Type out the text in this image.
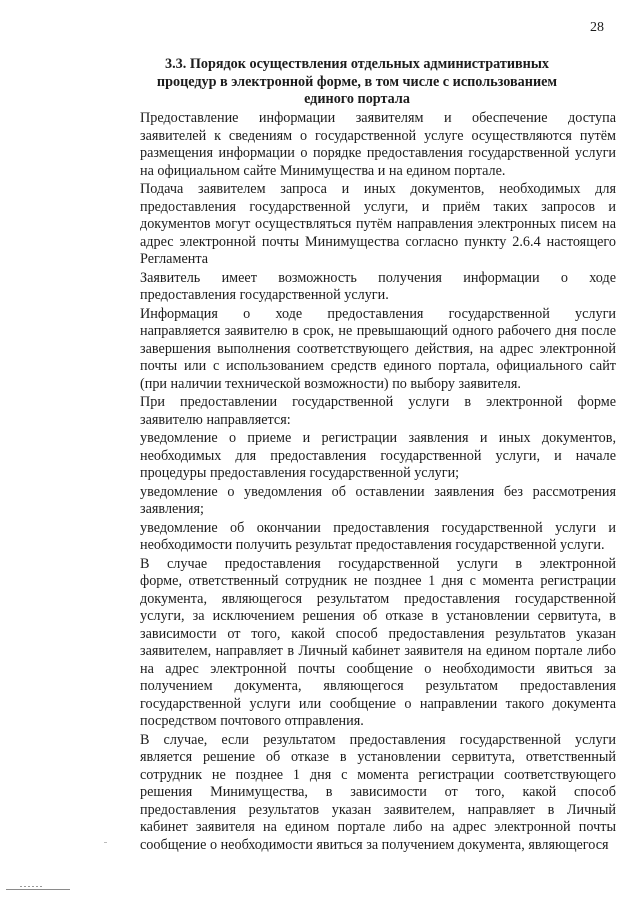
28
3.3. Порядок осуществления отдельных административных
процедур в электронной форме, в том числе с использованием
единого портала
Предоставление информации заявителям и обеспечение доступа
заявителей к сведениям о государственной услуге осуществляются путём
размещения информации о порядке предоставления государственной услуги
на официальном сайте Минимущества и на едином портале.
Подача заявителем запроса и иных документов, необходимых для
предоставления государственной услуги, и приём таких запросов и
документов могут осуществляться путём направления электронных писем на
адрес электронной почты Минимущества согласно пункту 2.6.4 настоящего
Регламента
Заявитель имеет возможность получения информации о ходе
предоставления государственной услуги.
Информация о ходе предоставления государственной услуги
направляется заявителю в срок, не превышающий одного рабочего дня после
завершения выполнения соответствующего действия, на адрес электронной
почты или с использованием средств единого портала, официального сайт
(при наличии технической возможности) по выбору заявителя.
При предоставлении государственной услуги в электронной форме
заявителю направляется:
уведомление о приеме и регистрации заявления и иных документов,
необходимых для предоставления государственной услуги, и начале
процедуры предоставления государственной услуги;
уведомление о уведомления об оставлении заявления без рассмотрения
заявления;
уведомление об окончании предоставления государственной услуги и
необходимости получить результат предоставления государственной услуги.
В случае предоставления государственной услуги в электронной
форме, ответственный сотрудник не позднее 1 дня с момента регистрации
документа, являющегося результатом предоставления государственной
услуги, за исключением решения об отказе в установлении сервитута, в
зависимости от того, какой способ предоставления результатов указан
заявителем, направляет в Личный кабинет заявителя на едином портале либо
на адрес электронной почты сообщение о необходимости явиться за
получением документа, являющегося результатом предоставления
государственной услуги или сообщение о направлении такого документа
посредством почтового отправления.
В случае, если результатом предоставления государственной услуги
является решение об отказе в установлении сервитута, ответственный
сотрудник не позднее 1 дня с момента регистрации соответствующего
решения Минимущества, в зависимости от того, какой способ
предоставления результатов указан заявителем, направляет в Личный
кабинет заявителя на едином портале либо на адрес электронной почты
сообщение о необходимости явиться за получением документа, являющегося
